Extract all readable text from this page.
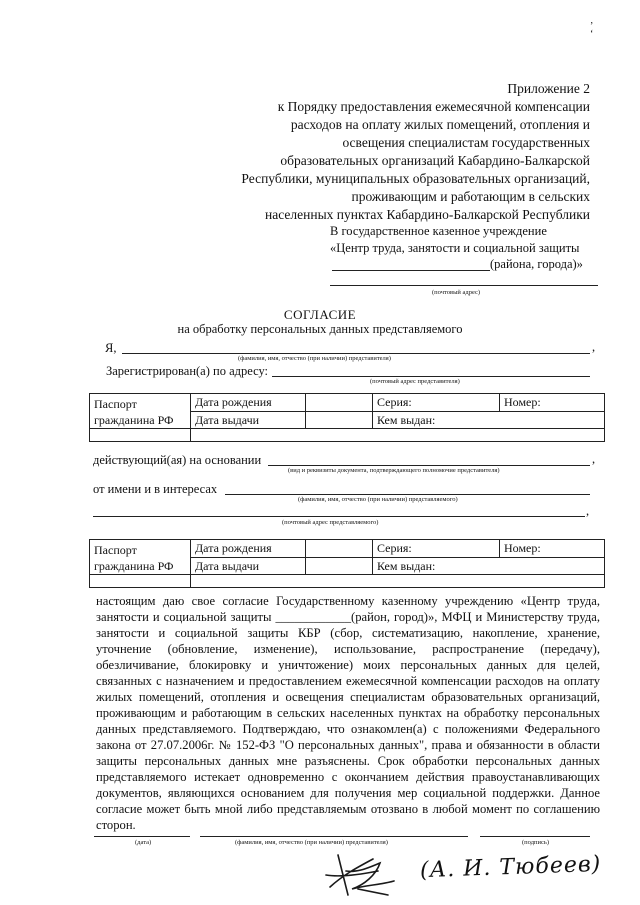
‚
‘
Приложение 2
к Порядку предоставления ежемесячной компенсации
расходов на оплату жилых помещений, отопления и
освещения специалистам государственных
образовательных организаций Кабардино-Балкарской
Республики, муниципальных образовательных организаций,
проживающим и работающим в сельских
населенных пунктах Кабардино-Балкарской Республики
В государственное казенное учреждение
«Центр труда, занятости и социальной защиты
(района, города)»
(почтовый адрес)
СОГЛАСИЕ
на обработку персональных данных представляемого
Я,	,
(фамилия, имя, отчество (при наличии) представителя)
Зарегистрирован(а) по адресу:
(почтовый адрес представителя)
Паспорт
гражданина РФ	Дата рождения		Серия:	Номер:
	Дата выдачи		Кем выдан:	

действующий(ая) на основании	,
(вид и реквизиты документа, подтверждающего полномочие представителя)
от имени и в интересах
(фамилия, имя, отчество (при наличии) представляемого)
,
(почтовый адрес представляемого)
Паспорт
гражданина РФ	Дата рождения		Серия:	Номер:
	Дата выдачи		Кем выдан:	

настоящим даю свое согласие Государственному казенному учреждению «Центр труда, занятости и социальной защиты ____________(район, город)», МФЦ и Министерству труда, занятости и социальной защиты КБР (сбор, систематизацию, накопление, хранение, уточнение (обновление, изменение), использование, распространение (передачу), обезличивание, блокировку и уничтожение) моих персональных данных для целей, связанных с назначением и предоставлением ежемесячной компенсации расходов на оплату жилых помещений, отопления и освещения специалистам образовательных организаций, проживающим и работающим в сельских населенных пунктах на обработку персональных данных представляемого. Подтверждаю, что ознакомлен(а) с положениями Федерального закона от 27.07.2006г. № 152-ФЗ "О персональных данных", права и обязанности в области защиты персональных данных мне разъяснены. Срок обработки персональных данных представляемого истекает одновременно с окончанием действия правоустанавливающих документов, являющихся основанием для получения мер социальной поддержки. Данное согласие может быть мной либо представляемым отозвано в любой момент по соглашению сторон.
(дата)	(фамилия, имя, отчество (при наличии) представителя)	(подпись)
(А. И. Тюбеев)
